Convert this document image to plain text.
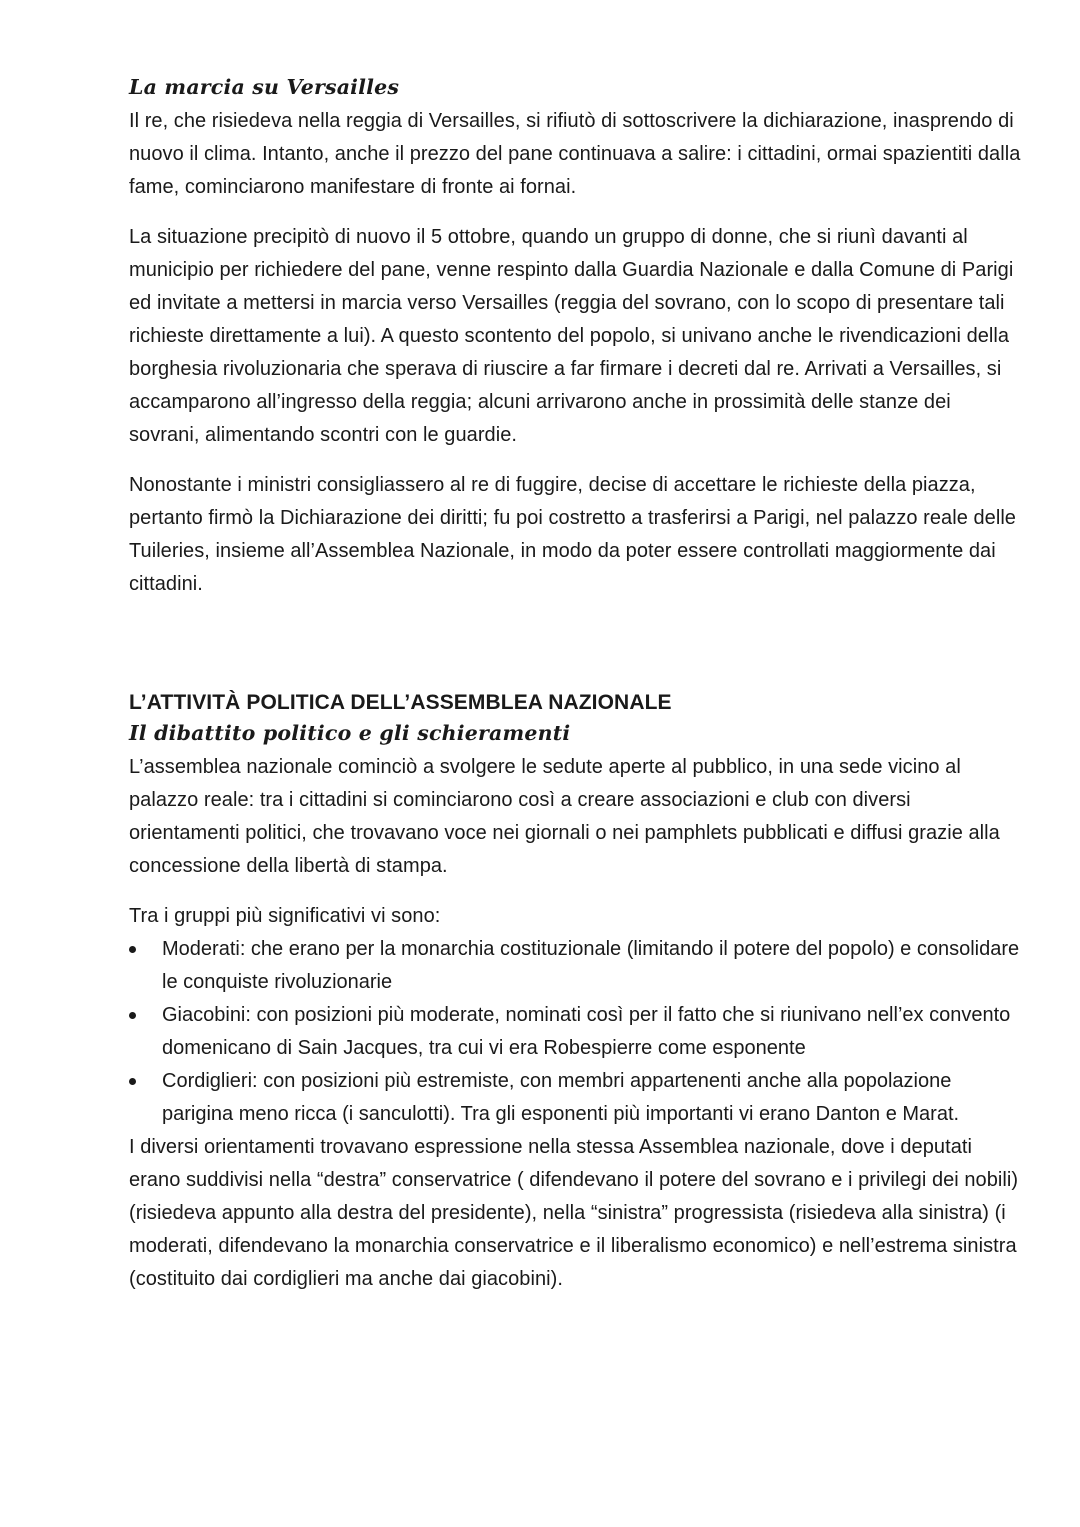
La marcia su Versailles

Il re, che risiedeva nella reggia di Versailles, si rifiutò di sottoscrivere la dichiarazione, inasprendo di nuovo il clima. Intanto, anche il prezzo del pane continuava a salire: i cittadini, ormai spazientiti dalla fame, cominciarono manifestare di fronte ai fornai.

La situazione precipitò di nuovo il 5 ottobre, quando un gruppo di donne, che si riunì davanti al municipio per richiedere del pane, venne respinto dalla Guardia Nazionale e dalla Comune di Parigi ed invitate a mettersi in marcia verso Versailles (reggia del sovrano, con lo scopo di presentare tali richieste direttamente a lui). A questo scontento del popolo, si univano anche le rivendicazioni della borghesia rivoluzionaria che sperava di riuscire a far firmare i decreti dal re. Arrivati a Versailles, si accamparono all’ingresso della reggia; alcuni arrivarono anche in prossimità delle stanze dei sovrani, alimentando scontri con le guardie.

Nonostante i ministri consigliassero al re di fuggire, decise di accettare le richieste della piazza, pertanto firmò la Dichiarazione dei diritti; fu poi costretto a trasferirsi a Parigi, nel palazzo reale delle Tuileries, insieme all’Assemblea Nazionale, in modo da poter essere controllati maggiormente dai cittadini.

L’ATTIVITÀ POLITICA DELL’ASSEMBLEA NAZIONALE
Il dibattito politico e gli schieramenti

L’assemblea nazionale cominciò a svolgere le sedute aperte al pubblico, in una sede vicino al palazzo reale: tra i cittadini si cominciarono così a creare associazioni e club con diversi orientamenti politici, che trovavano voce nei giornali o nei pamphlets pubblicati e diffusi grazie alla concessione della libertà di stampa.

Tra i gruppi più significativi vi sono:

Moderati: che erano per la monarchia costituzionale (limitando il potere del popolo) e consolidare le conquiste rivoluzionarie
Giacobini: con posizioni più moderate, nominati così per il fatto che si riunivano nell’ex convento domenicano di Sain Jacques, tra cui vi era Robespierre come esponente
Cordiglieri: con posizioni più estremiste, con membri appartenenti anche alla popolazione parigina meno ricca (i sanculotti). Tra gli esponenti più importanti vi erano Danton e Marat.

I diversi orientamenti trovavano espressione nella stessa Assemblea nazionale, dove i deputati erano suddivisi nella “destra” conservatrice ( difendevano il potere del sovrano e i privilegi dei nobili) (risiedeva appunto alla destra del presidente), nella “sinistra” progressista (risiedeva alla sinistra) (i moderati, difendevano la monarchia conservatrice e il liberalismo economico) e nell’estrema sinistra (costituito dai cordiglieri ma anche dai giacobini).
